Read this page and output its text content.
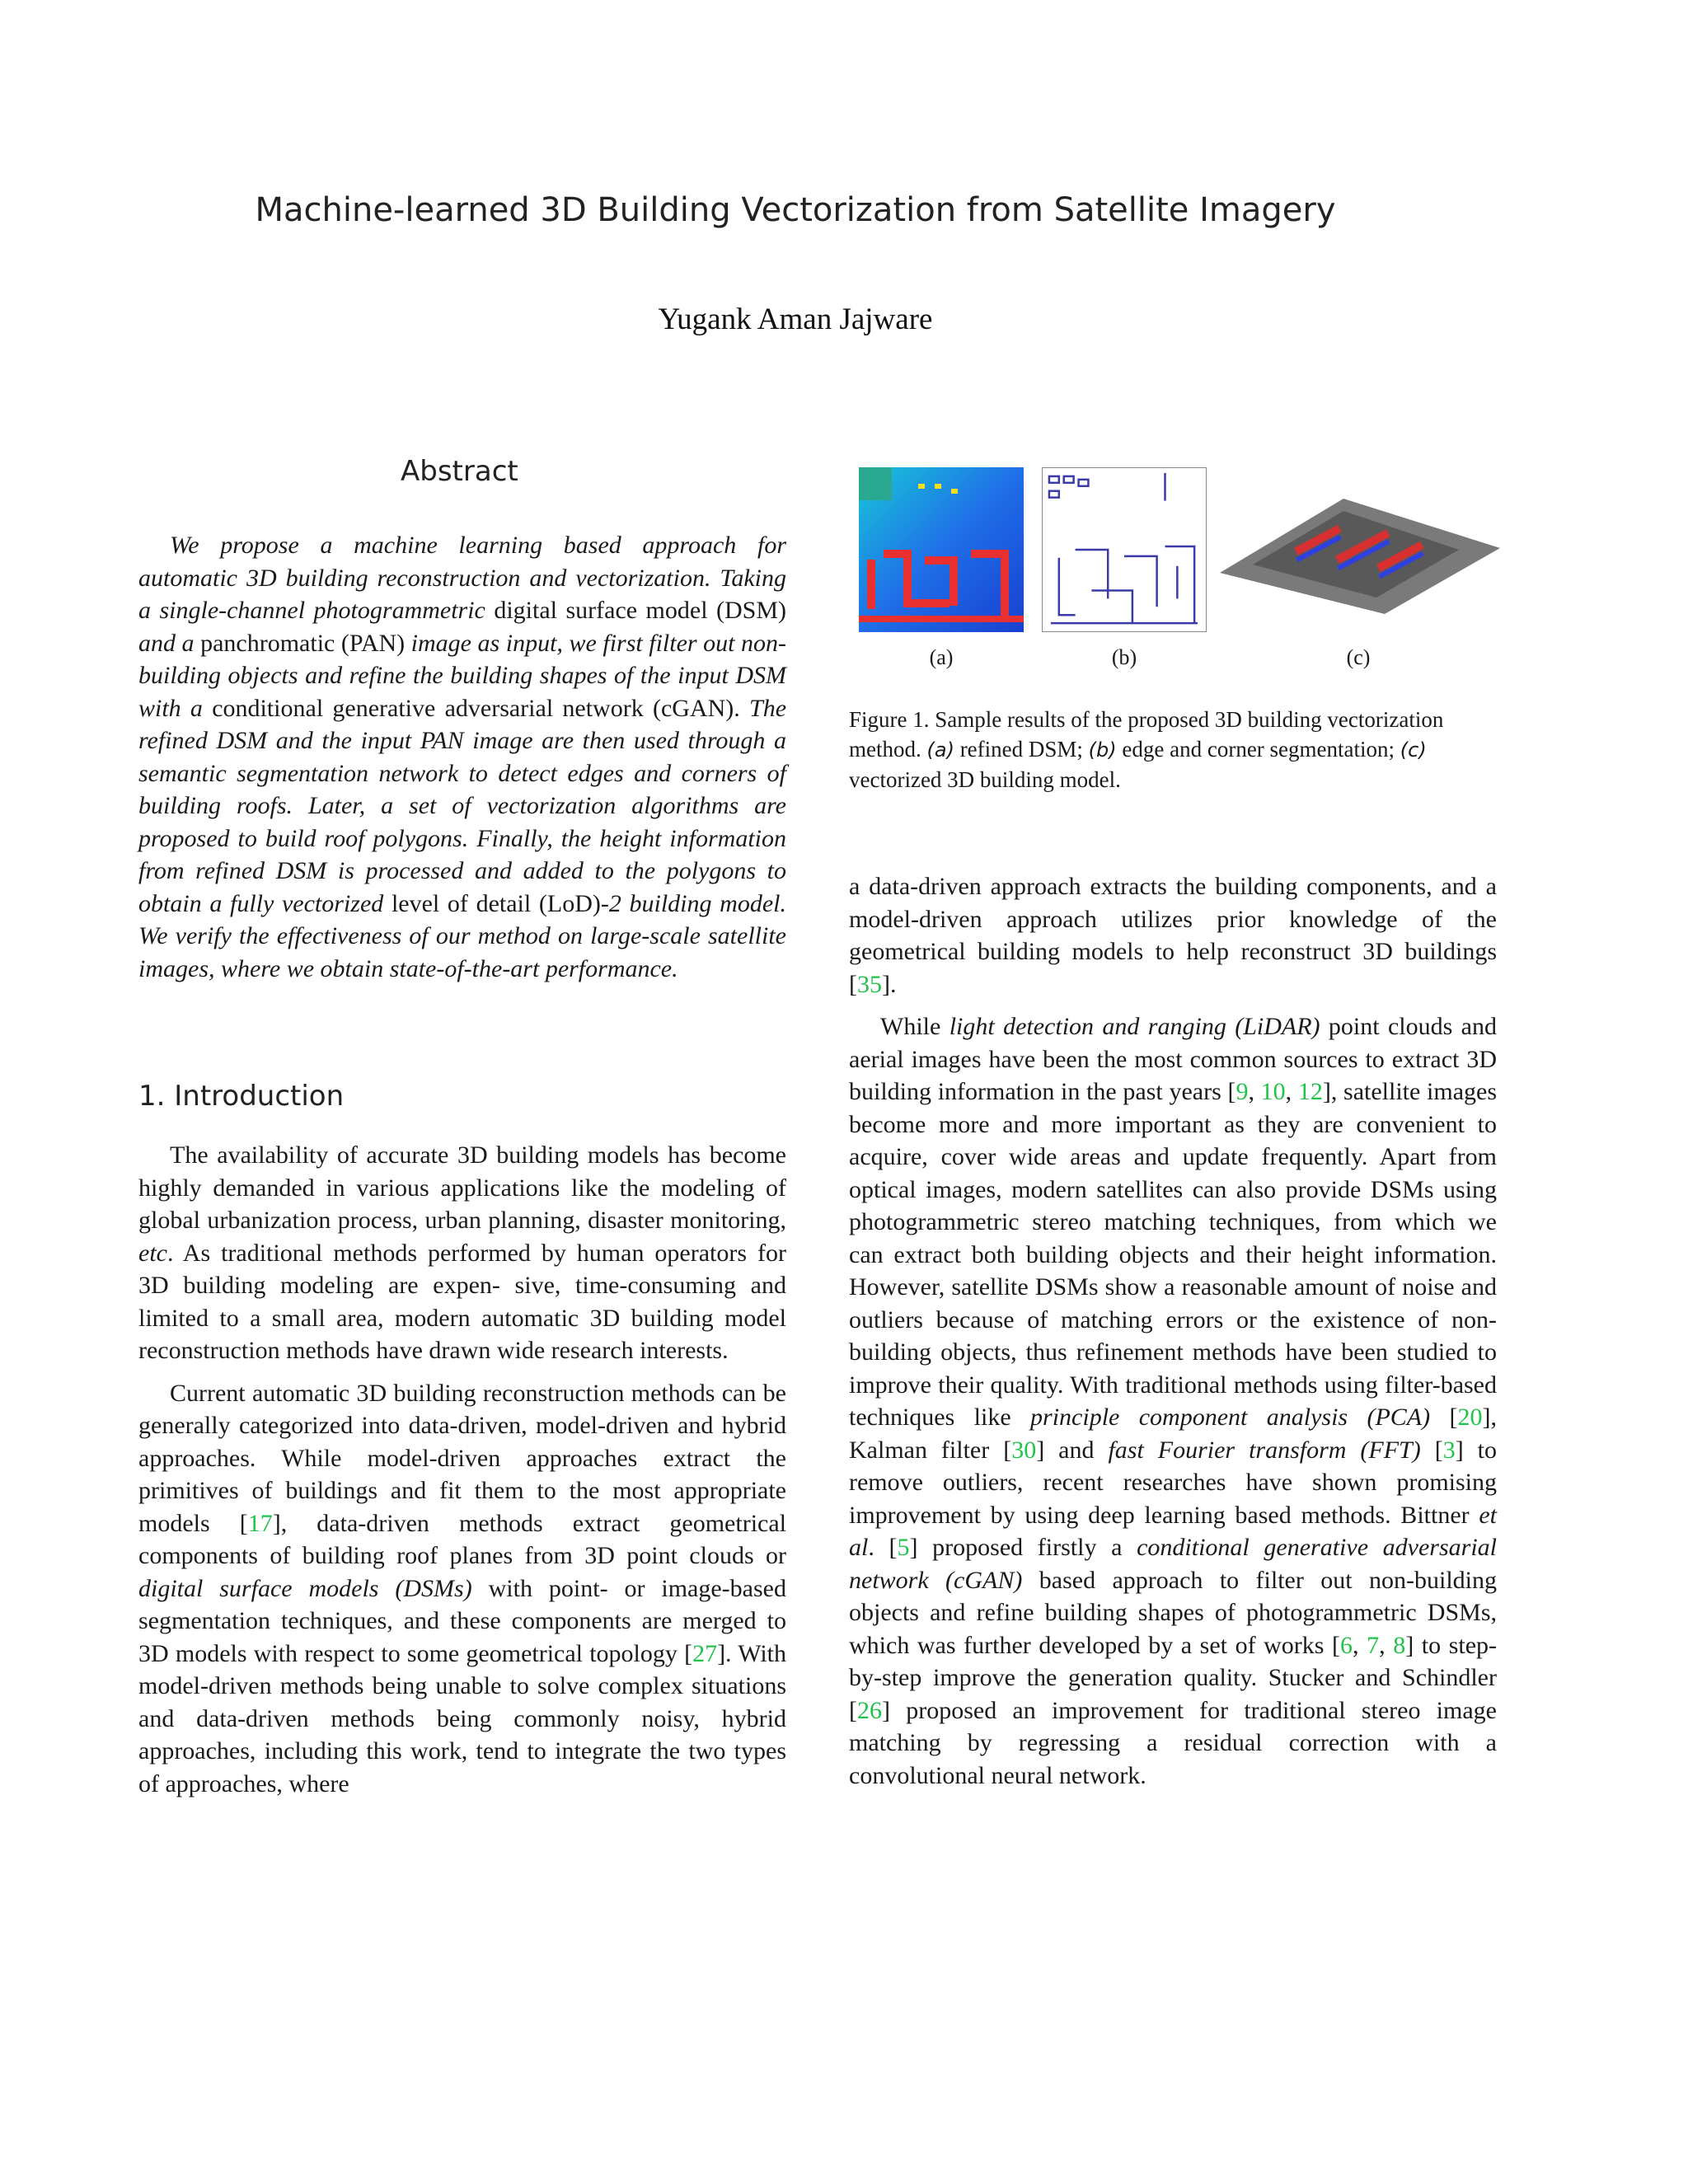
Machine-learned 3D Building Vectorization from Satellite Imagery
Yugank Aman Jajware
Abstract

We propose a machine learning based approach for automatic 3D building reconstruction and vectorization. Taking a single-channel photogrammetric digital surface model (DSM) and a panchromatic (PAN) image as input, we first filter out non-building objects and refine the building shapes of the input DSM with a conditional generative adversarial network (cGAN). The refined DSM and the input PAN image are then used through a semantic segmentation network to detect edges and corners of building roofs. Later, a set of vectorization algorithms are proposed to build roof polygons. Finally, the height information from refined DSM is processed and added to the polygons to obtain a fully vectorized level of detail (LoD)-2 building model. We verify the effectiveness of our method on large-scale satellite images, where we obtain state-of-the-art performance.

1. Introduction

The availability of accurate 3D building models has become highly demanded in various applications like the modeling of global urbanization process, urban planning, disaster monitoring, etc. As traditional methods performed by human operators for 3D building modeling are expen- sive, time-consuming and limited to a small area, modern automatic 3D building model reconstruction methods have drawn wide research interests.

Current automatic 3D building reconstruction methods can be generally categorized into data-driven, model-driven and hybrid approaches. While model-driven approaches extract the primitives of buildings and fit them to the most appropriate models [17], data-driven methods extract geometrical components of building roof planes from 3D point clouds or digital surface models (DSMs) with point- or image-based segmentation techniques, and these components are merged to 3D models with respect to some geometrical topology [27]. With model-driven methods being unable to solve complex situations and data-driven methods being commonly noisy, hybrid approaches, including this work, tend to integrate the two types of approaches, where

(a)	(b)	(c)
Figure 1. Sample results of the proposed 3D building vectorization method. (a) refined DSM; (b) edge and corner segmentation; (c) vectorized 3D building model.

a data-driven approach extracts the building components, and a model-driven approach utilizes prior knowledge of the geometrical building models to help reconstruct 3D buildings [35].

While light detection and ranging (LiDAR) point clouds and aerial images have been the most common sources to extract 3D building information in the past years [9, 10, 12], satellite images become more and more important as they are convenient to acquire, cover wide areas and update frequently. Apart from optical images, modern satellites can also provide DSMs using photogrammetric stereo matching techniques, from which we can extract both building objects and their height information. However, satellite DSMs show a reasonable amount of noise and outliers because of matching errors or the existence of non-building objects, thus refinement methods have been studied to improve their quality. With traditional methods using filter-based techniques like principle component analysis (PCA) [20], Kalman filter [30] and fast Fourier transform (FFT) [3] to remove outliers, recent researches have shown promising improvement by using deep learning based methods. Bittner et al. [5] proposed firstly a conditional generative adversarial network (cGAN) based approach to filter out non-building objects and refine building shapes of photogrammetric DSMs, which was further developed by a set of works [6, 7, 8] to step-by-step improve the generation quality. Stucker and Schindler [26] proposed an improvement for traditional stereo image matching by regressing a residual correction with a convolutional neural network.
